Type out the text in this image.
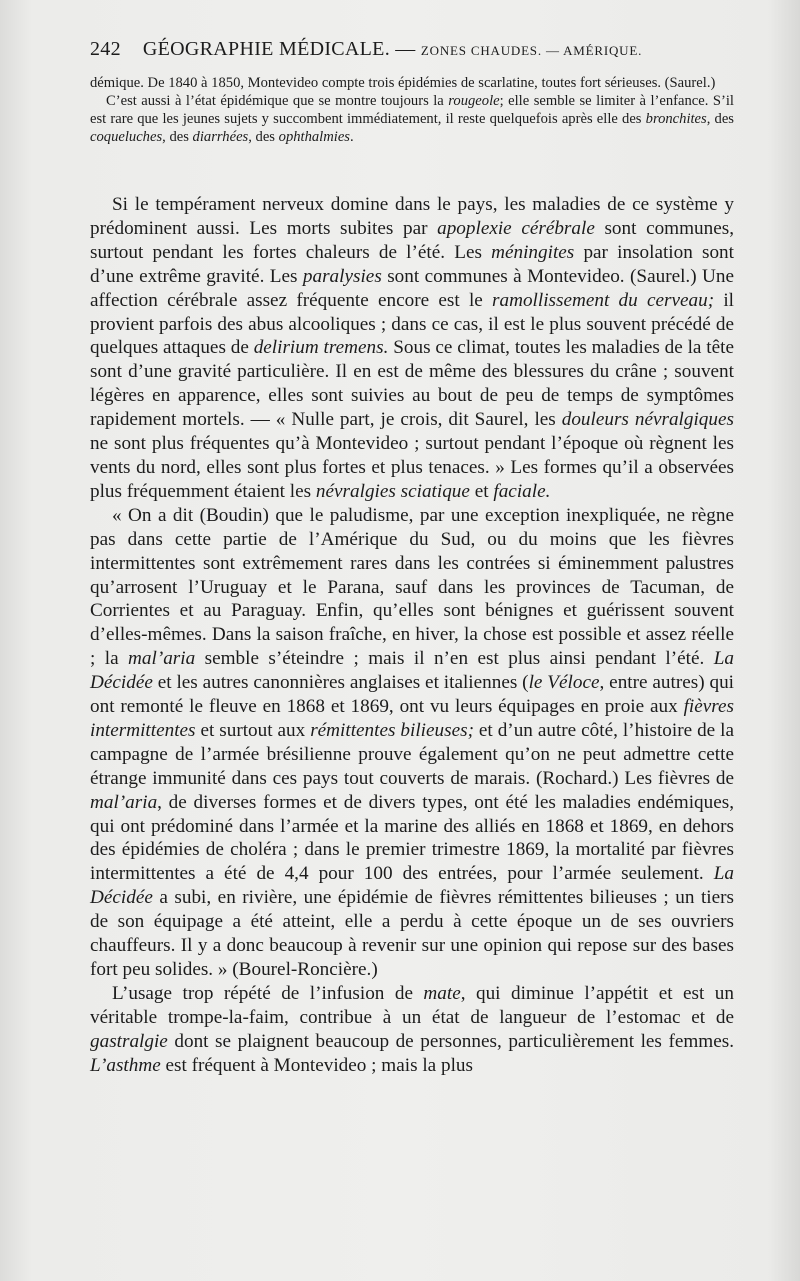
242 GÉOGRAPHIE MÉDICALE. — ZONES CHAUDES. — AMÉRIQUE.

démique. De 1840 à 1850, Montevideo compte trois épidémies de scarlatine, toutes fort sérieuses. (Saurel.)

C’est aussi à l’état épidémique que se montre toujours la rougeole; elle semble se limiter à l’enfance. S’il est rare que les jeunes sujets y succombent immédiatement, il reste quelquefois après elle des bronchites, des coqueluches, des diarrhées, des ophthalmies.

Si le tempérament nerveux domine dans le pays, les maladies de ce système y prédominent aussi. Les morts subites par apoplexie cérébrale sont communes, surtout pendant les fortes chaleurs de l’été. Les méningites par insolation sont d’une extrême gravité. Les paralysies sont communes à Montevideo. (Saurel.) Une affection cérébrale assez fréquente encore est le ramollissement du cerveau; il provient parfois des abus alcooliques ; dans ce cas, il est le plus souvent précédé de quelques attaques de delirium tremens. Sous ce climat, toutes les maladies de la tête sont d’une gravité particulière. Il en est de même des blessures du crâne ; souvent légères en apparence, elles sont suivies au bout de peu de temps de symptômes rapidement mortels. — « Nulle part, je crois, dit Saurel, les douleurs névralgiques ne sont plus fréquentes qu’à Montevideo ; surtout pendant l’époque où règnent les vents du nord, elles sont plus fortes et plus tenaces. » Les formes qu’il a observées plus fréquemment étaient les névralgies sciatique et faciale.

« On a dit (Boudin) que le paludisme, par une exception inexpliquée, ne règne pas dans cette partie de l’Amérique du Sud, ou du moins que les fièvres intermittentes sont extrêmement rares dans les contrées si éminemment palustres qu’arrosent l’Uruguay et le Parana, sauf dans les provinces de Tacuman, de Corrientes et au Paraguay. Enfin, qu’elles sont bénignes et guérissent souvent d’elles-mêmes. Dans la saison fraîche, en hiver, la chose est possible et assez réelle ; la mal’aria semble s’éteindre ; mais il n’en est plus ainsi pendant l’été. La Décidée et les autres canonnières anglaises et italiennes (le Véloce, entre autres) qui ont remonté le fleuve en 1868 et 1869, ont vu leurs équipages en proie aux fièvres intermittentes et surtout aux rémittentes bilieuses; et d’un autre côté, l’histoire de la campagne de l’armée brésilienne prouve également qu’on ne peut admettre cette étrange immunité dans ces pays tout couverts de marais. (Rochard.) Les fièvres de mal’aria, de diverses formes et de divers types, ont été les maladies endémiques, qui ont prédominé dans l’armée et la marine des alliés en 1868 et 1869, en dehors des épidémies de choléra ; dans le premier trimestre 1869, la mortalité par fièvres intermittentes a été de 4,4 pour 100 des entrées, pour l’armée seulement. La Décidée a subi, en rivière, une épidémie de fièvres rémittentes bilieuses ; un tiers de son équipage a été atteint, elle a perdu à cette époque un de ses ouvriers chauffeurs. Il y a donc beaucoup à revenir sur une opinion qui repose sur des bases fort peu solides. » (Bourel-Roncière.)

L’usage trop répété de l’infusion de mate, qui diminue l’appétit et est un véritable trompe-la-faim, contribue à un état de langueur de l’estomac et de gastralgie dont se plaignent beaucoup de personnes, particulièrement les femmes. L’asthme est fréquent à Montevideo ; mais la plus
